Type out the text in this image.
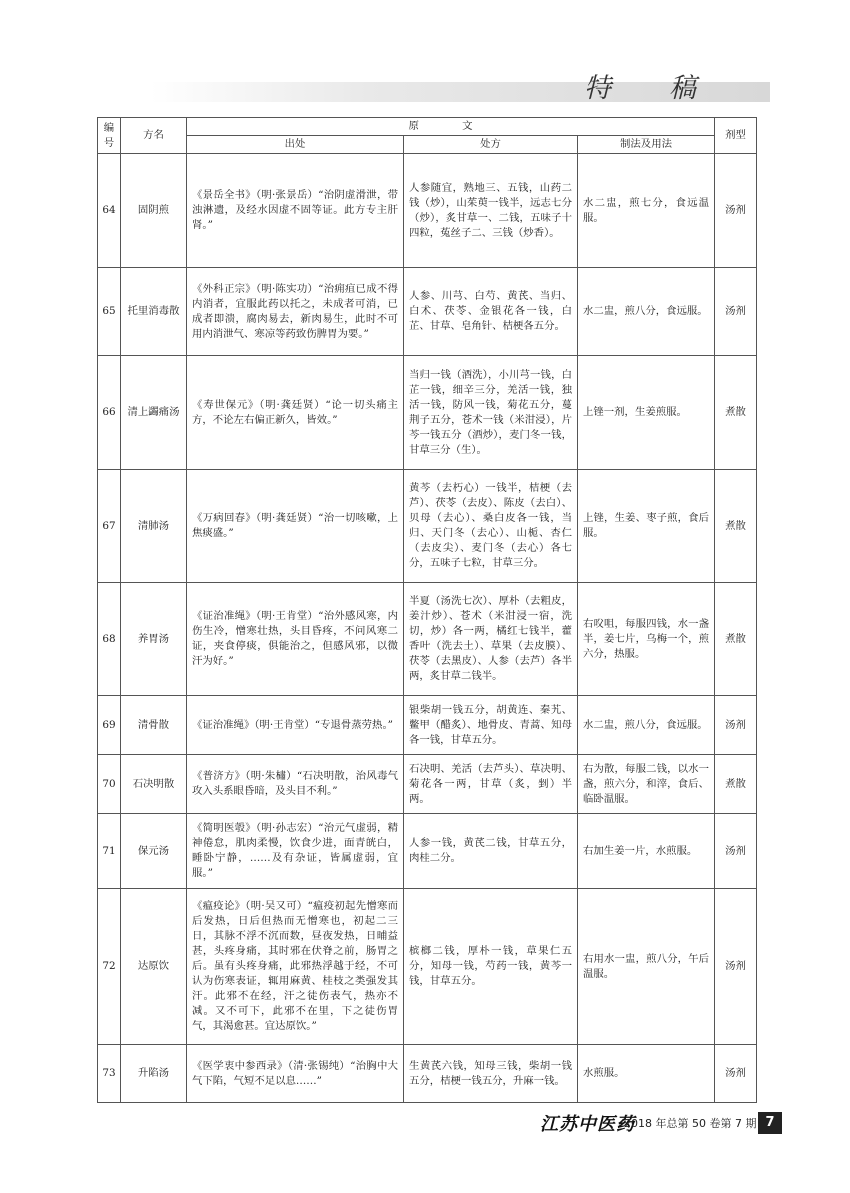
特稿
编号	方名	原 文			剂型
		出处	处方	制法及用法	
64	固阴煎	《景岳全书》（明·张景岳）“治阴虚滑泄，带浊淋遗，及经水因虚不固等证。此方专主肝肾。”	人参随宜，熟地三、五钱，山药二钱（炒），山茱萸一钱半，远志七分（炒），炙甘草一、二钱，五味子十四粒，菟丝子二、三钱（炒香）。	水二盅，煎七分，食远温服。	汤剂
65	托里消毒散	《外科正宗》（明·陈实功）“治痈疽已成不得内消者，宜服此药以托之，未成者可消，已成者即溃，腐肉易去，新肉易生，此时不可用内消泄气、寒凉等药致伤脾胃为要。”	人参、川芎、白芍、黄芪、当归、白术、茯苓、金银花各一钱，白芷、甘草、皂角针、桔梗各五分。	水二盅，煎八分，食远服。	汤剂
66	清上蠲痛汤	《寿世保元》（明·龚廷贤）“论一切头痛主方，不论左右偏正新久，皆效。”	当归一钱（酒洗），小川芎一钱，白芷一钱，细辛三分，羌活一钱，独活一钱，防风一钱，菊花五分，蔓荆子五分，苍术一钱（米泔浸），片芩一钱五分（酒炒），麦门冬一钱，甘草三分（生）。	上锉一剂，生姜煎服。	煮散
67	清肺汤	《万病回春》（明·龚廷贤）“治一切咳嗽，上焦痰盛。”	黄芩（去朽心）一钱半，桔梗（去芦）、茯苓（去皮）、陈皮（去白）、贝母（去心）、桑白皮各一钱，当归、天门冬（去心）、山栀、杏仁（去皮尖）、麦门冬（去心）各七分，五味子七粒，甘草三分。	上锉，生姜、枣子煎，食后服。	煮散
68	养胃汤	《证治准绳》（明·王肯堂）“治外感风寒，内伤生冷，憎寒壮热，头目昏疼，不问风寒二证，夹食停痰，俱能治之，但感风邪，以微汗为好。”	半夏（汤洗七次）、厚朴（去粗皮，姜汁炒）、苍术（米泔浸一宿，洗切，炒）各一两，橘红七钱半，藿香叶（洗去土）、草果（去皮膜）、茯苓（去黑皮）、人参（去芦）各半两，炙甘草二钱半。	右㕮咀，每服四钱，水一盏半，姜七片，乌梅一个，煎六分，热服。	煮散
69	清骨散	《证治准绳》（明·王肯堂）“专退骨蒸劳热。”	银柴胡一钱五分，胡黄连、秦艽、鳖甲（醋炙）、地骨皮、青蒿、知母各一钱，甘草五分。	水二盅，煎八分，食远服。	汤剂
70	石决明散	《普济方》（明·朱橚）“石决明散，治风毒气攻入头系眼昏暗，及头目不利。”	石决明、羌活（去芦头）、草决明、菊花各一两，甘草（炙，剉）半两。	右为散，每服二钱，以水一盏，煎六分，和滓，食后、临卧温服。	煮散
71	保元汤	《简明医彀》（明·孙志宏）“治元气虚弱，精神倦怠，肌肉柔慢，饮食少进，面青㿠白，睡卧宁静，……及有杂证，皆属虚弱，宜服。”	人参一钱，黄芪二钱，甘草五分，肉桂二分。	右加生姜一片，水煎服。	汤剂
72	达原饮	《瘟疫论》（明·吴又可）“瘟疫初起先憎寒而后发热，日后但热而无憎寒也，初起二三日，其脉不浮不沉而数，昼夜发热，日晡益甚，头疼身痛，其时邪在伏脊之前，肠胃之后。虽有头疼身痛，此邪热浮越于经，不可认为伤寒表证，辄用麻黄、桂枝之类强发其汗。此邪不在经，汗之徒伤表气，热亦不减。又不可下，此邪不在里，下之徒伤胃气，其渴愈甚。宜达原饮。”	槟榔二钱，厚朴一钱，草果仁五分，知母一钱，芍药一钱，黄芩一钱，甘草五分。	右用水一盅，煎八分，午后温服。	汤剂
73	升陷汤	《医学衷中参西录》（清·张锡纯）“治胸中大气下陷，气短不足以息……”	生黄芪六钱，知母三钱，柴胡一钱五分，桔梗一钱五分，升麻一钱。	水煎服。	汤剂
江苏中医药
2018 年总第 50 卷第 7 期 7
